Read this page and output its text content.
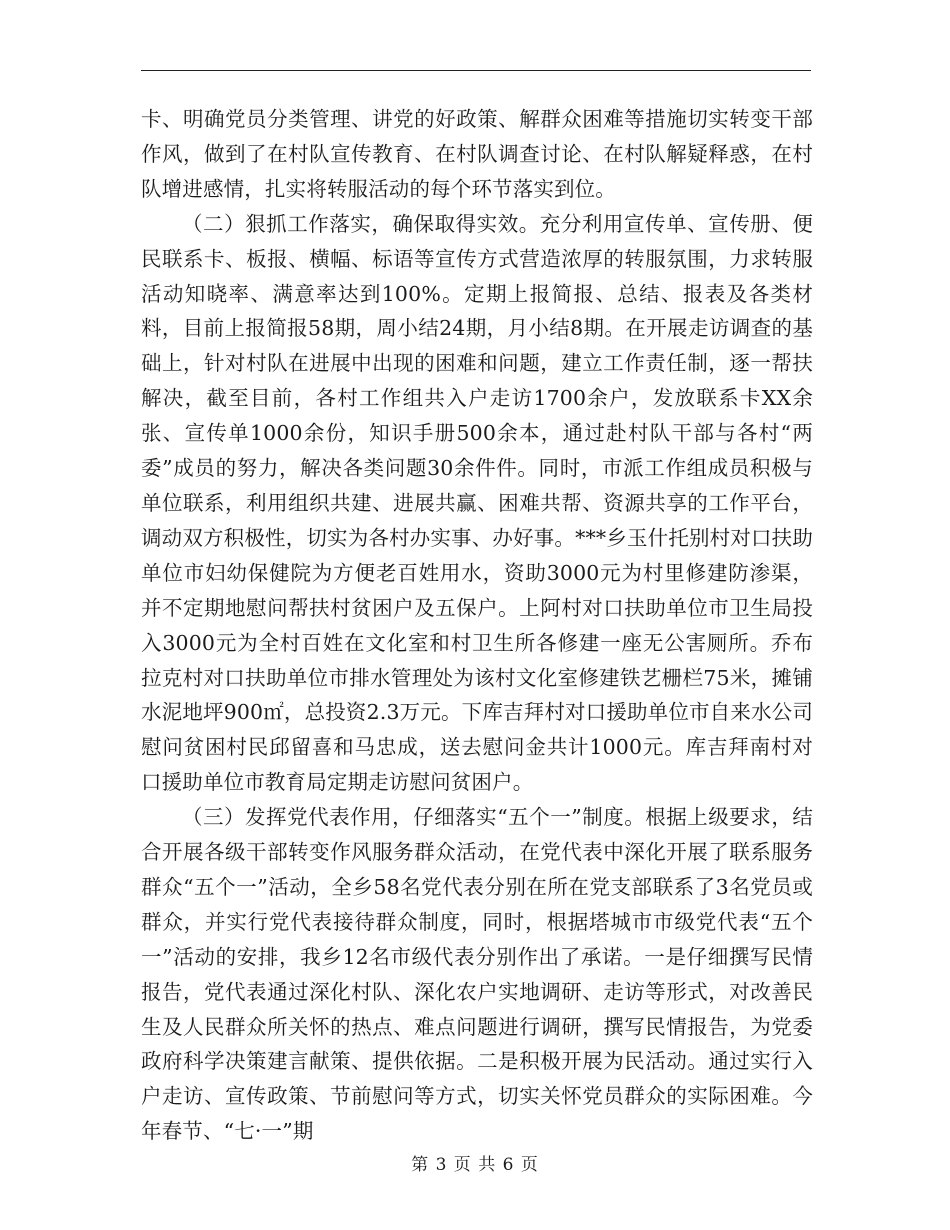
卡、明确党员分类管理、讲党的好政策、解群众困难等措施切实转变干部作风，做到了在村队宣传教育、在村队调查讨论、在村队解疑释惑，在村队增进感情，扎实将转服活动的每个环节落实到位。

（二）狠抓工作落实，确保取得实效。充分利用宣传单、宣传册、便民联系卡、板报、横幅、标语等宣传方式营造浓厚的转服氛围，力求转服活动知晓率、满意率达到100%。定期上报简报、总结、报表及各类材料，目前上报简报58期，周小结24期，月小结8期。在开展走访调查的基础上，针对村队在进展中出现的困难和问题，建立工作责任制，逐一帮扶解决，截至目前，各村工作组共入户走访1700余户，发放联系卡XX余张、宣传单1000余份，知识手册500余本，通过赴村队干部与各村“两委”成员的努力，解决各类问题30余件件。同时，市派工作组成员积极与单位联系，利用组织共建、进展共赢、困难共帮、资源共享的工作平台，调动双方积极性，切实为各村办实事、办好事。***乡玉什托别村对口扶助单位市妇幼保健院为方便老百姓用水，资助3000元为村里修建防渗渠，并不定期地慰问帮扶村贫困户及五保户。上阿村对口扶助单位市卫生局投入3000元为全村百姓在文化室和村卫生所各修建一座无公害厕所。乔布拉克村对口扶助单位市排水管理处为该村文化室修建铁艺栅栏75米，摊铺水泥地坪900㎡，总投资2.3万元。下库吉拜村对口援助单位市自来水公司慰问贫困村民邱留喜和马忠成，送去慰问金共计1000元。库吉拜南村对口援助单位市教育局定期走访慰问贫困户。

（三）发挥党代表作用，仔细落实“五个一”制度。根据上级要求，结合开展各级干部转变作风服务群众活动，在党代表中深化开展了联系服务群众“五个一”活动，全乡58名党代表分别在所在党支部联系了3名党员或群众，并实行党代表接待群众制度，同时，根据塔城市市级党代表“五个一”活动的安排，我乡12名市级代表分别作出了承诺。一是仔细撰写民情报告，党代表通过深化村队、深化农户实地调研、走访等形式，对改善民生及人民群众所关怀的热点、难点问题进行调研，撰写民情报告，为党委政府科学决策建言献策、提供依据。二是积极开展为民活动。通过实行入户走访、宣传政策、节前慰问等方式，切实关怀党员群众的实际困难。今年春节、“七·一”期

第 3 页 共 6 页
